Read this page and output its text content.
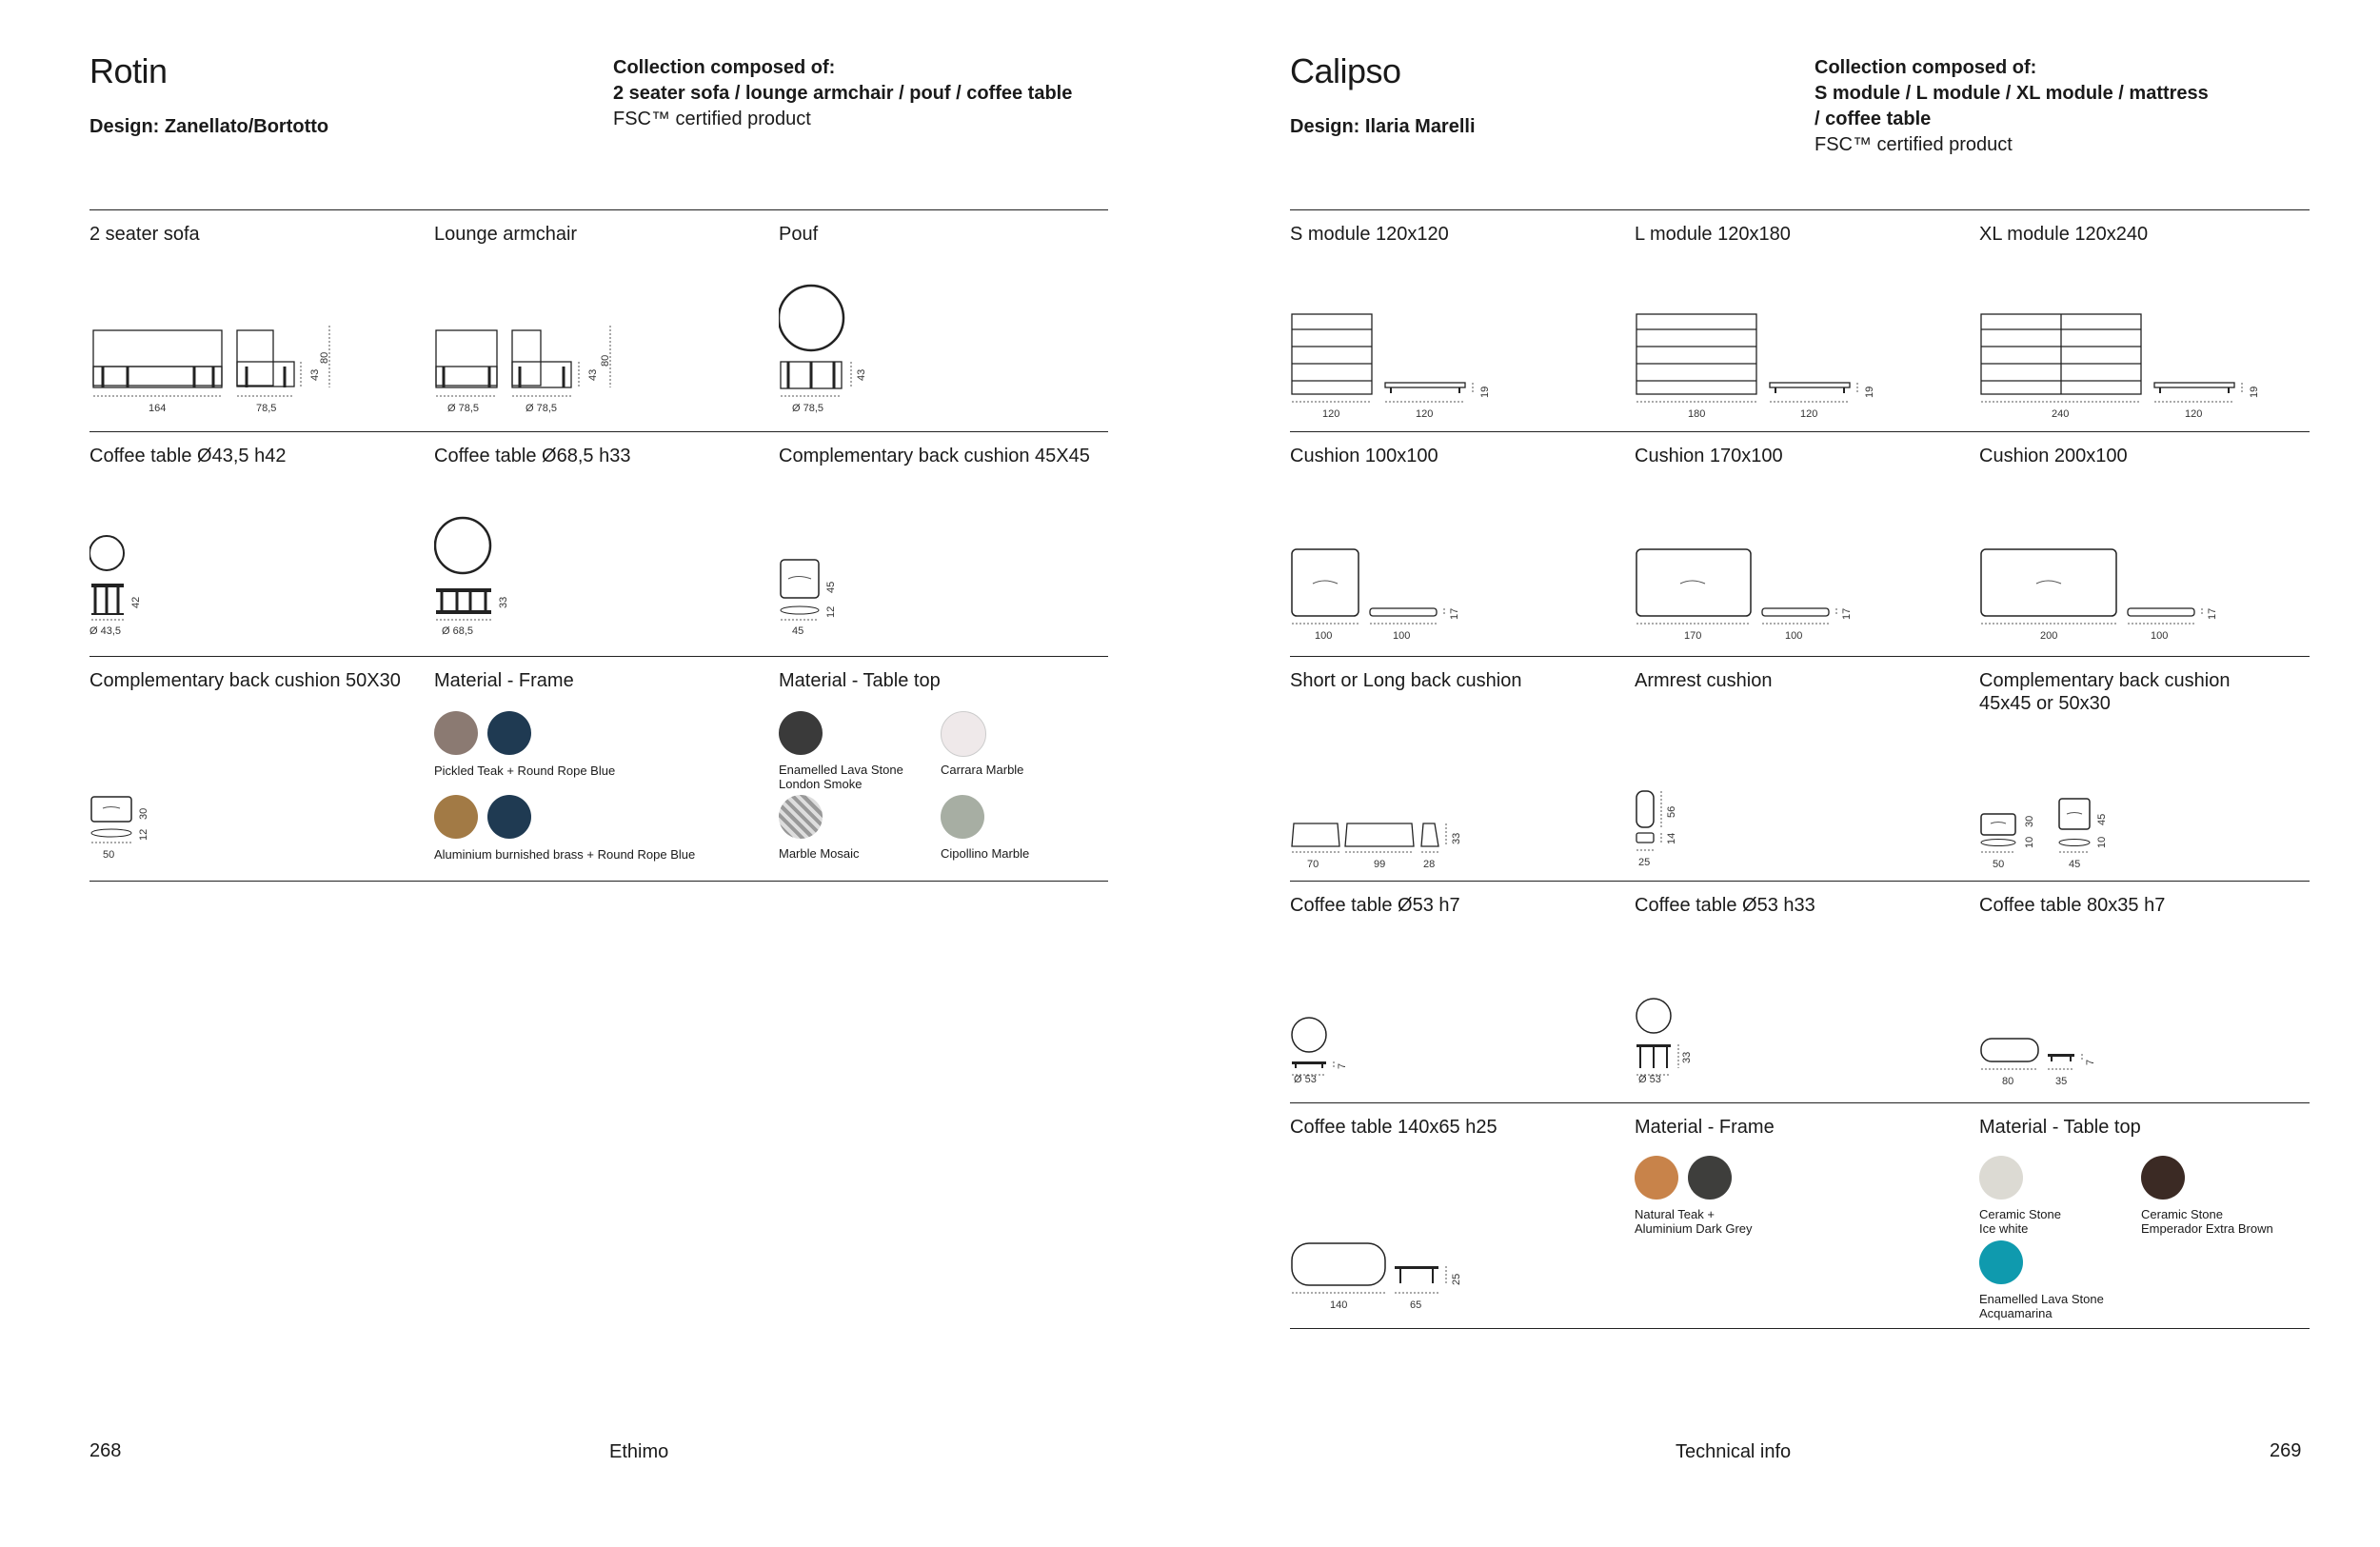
Rotin
Design: Zanellato/Bortotto
Collection composed of:
2 seater sofa / lounge armchair / pouf / coffee table
FSC™ certified product
2 seater sofa
164	78,5
43
80
Lounge armchair
Ø 78,5	Ø 78,5
43
80
Pouf
Ø 78,5
43
Coffee table Ø43,5 h42
Ø 43,5
42
Coffee table Ø68,5 h33
Ø 68,5
33
Complementary back cushion 45X45
45
45
12
Complementary back cushion 50X30
50
30
12
Material - Frame
Pickled Teak + Round Rope Blue
Aluminium burnished brass + Round Rope Blue
Material - Table top
Enamelled Lava Stone
London Smoke
Carrara Marble
Marble Mosaic	Cipollino Marble
268	Ethimo
Calipso
Design: Ilaria Marelli
Collection composed of:
S module / L module / XL module / mattress
/ coffee table
FSC™ certified product
S module 120x120
120	120
19
L module 120x180
180	120
19
XL module 120x240
240	120
19
Cushion 100x100
100	100
17
Cushion 170x100
170	100
17
Cushion 200x100
200	100
17
Short or Long back cushion
70	99	28
33
Armrest cushion
25
14
56
Complementary back cushion
45x45 or 50x30
50
10
30
45
10
45
Coffee table Ø53 h7
Ø 53
7
Coffee table Ø53 h33
Ø 53
33
Coffee table 80x35 h7
80	35
7
Coffee table 140x65 h25
140	65
25
Material - Frame
Natural Teak +
Aluminium Dark Grey
Material - Table top
Ceramic Stone
Ice white
Ceramic Stone
Emperador Extra Brown
Enamelled Lava Stone
Acquamarina
Technical info	269
